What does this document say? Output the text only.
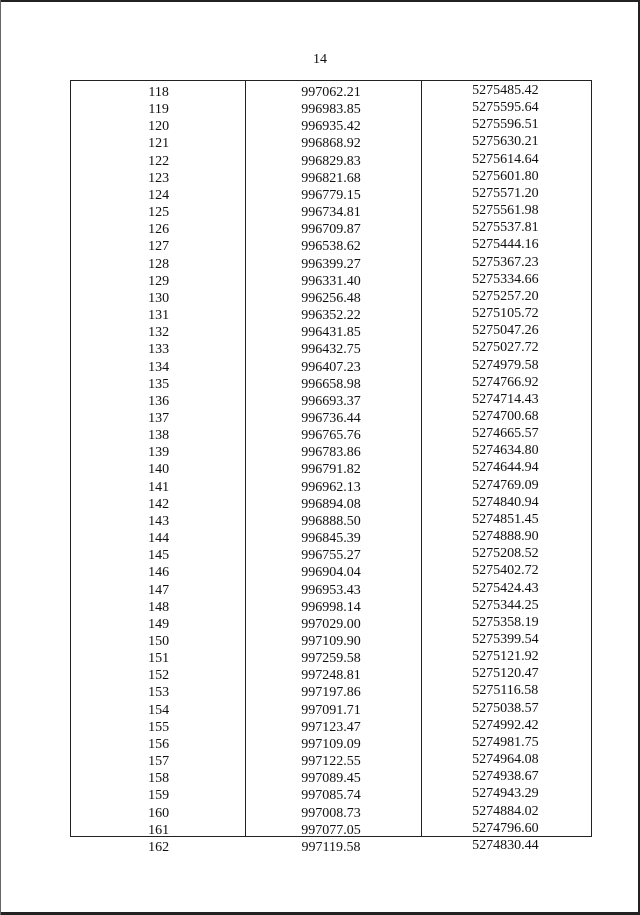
14
118	997062.21	5275485.42
119	996983.85	5275595.64
120	996935.42	5275596.51
121	996868.92	5275630.21
122	996829.83	5275614.64
123	996821.68	5275601.80
124	996779.15	5275571.20
125	996734.81	5275561.98
126	996709.87	5275537.81
127	996538.62	5275444.16
128	996399.27	5275367.23
129	996331.40	5275334.66
130	996256.48	5275257.20
131	996352.22	5275105.72
132	996431.85	5275047.26
133	996432.75	5275027.72
134	996407.23	5274979.58
135	996658.98	5274766.92
136	996693.37	5274714.43
137	996736.44	5274700.68
138	996765.76	5274665.57
139	996783.86	5274634.80
140	996791.82	5274644.94
141	996962.13	5274769.09
142	996894.08	5274840.94
143	996888.50	5274851.45
144	996845.39	5274888.90
145	996755.27	5275208.52
146	996904.04	5275402.72
147	996953.43	5275424.43
148	996998.14	5275344.25
149	997029.00	5275358.19
150	997109.90	5275399.54
151	997259.58	5275121.92
152	997248.81	5275120.47
153	997197.86	5275116.58
154	997091.71	5275038.57
155	997123.47	5274992.42
156	997109.09	5274981.75
157	997122.55	5274964.08
158	997089.45	5274938.67
159	997085.74	5274943.29
160	997008.73	5274884.02
161	997077.05	5274796.60
162	997119.58	5274830.44
